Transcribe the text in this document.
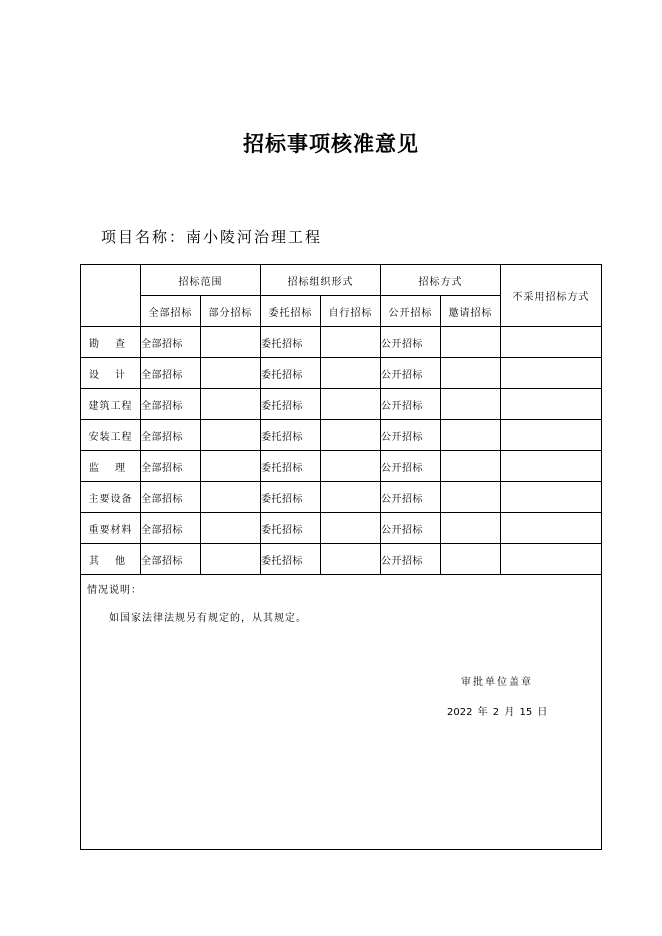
招标事项核准意见
项目名称：南小陵河治理工程
	招标范围		招标组织形式		招标方式		不采用招标方式
	全部招标	部分招标	委托招标	自行招标	公开招标	邀请招标	
勘　查	全部招标		委托招标		公开招标		
设　计	全部招标		委托招标		公开招标		
建筑工程	全部招标		委托招标		公开招标		
安装工程	全部招标		委托招标		公开招标		
监　理	全部招标		委托招标		公开招标		
主要设备	全部招标		委托招标		公开招标		
重要材料	全部招标		委托招标		公开招标		
其　他	全部招标		委托招标		公开招标		

情况说明：
如国家法律法规另有规定的，从其规定。
审批单位盖章
2022 年 2 月 15 日							
